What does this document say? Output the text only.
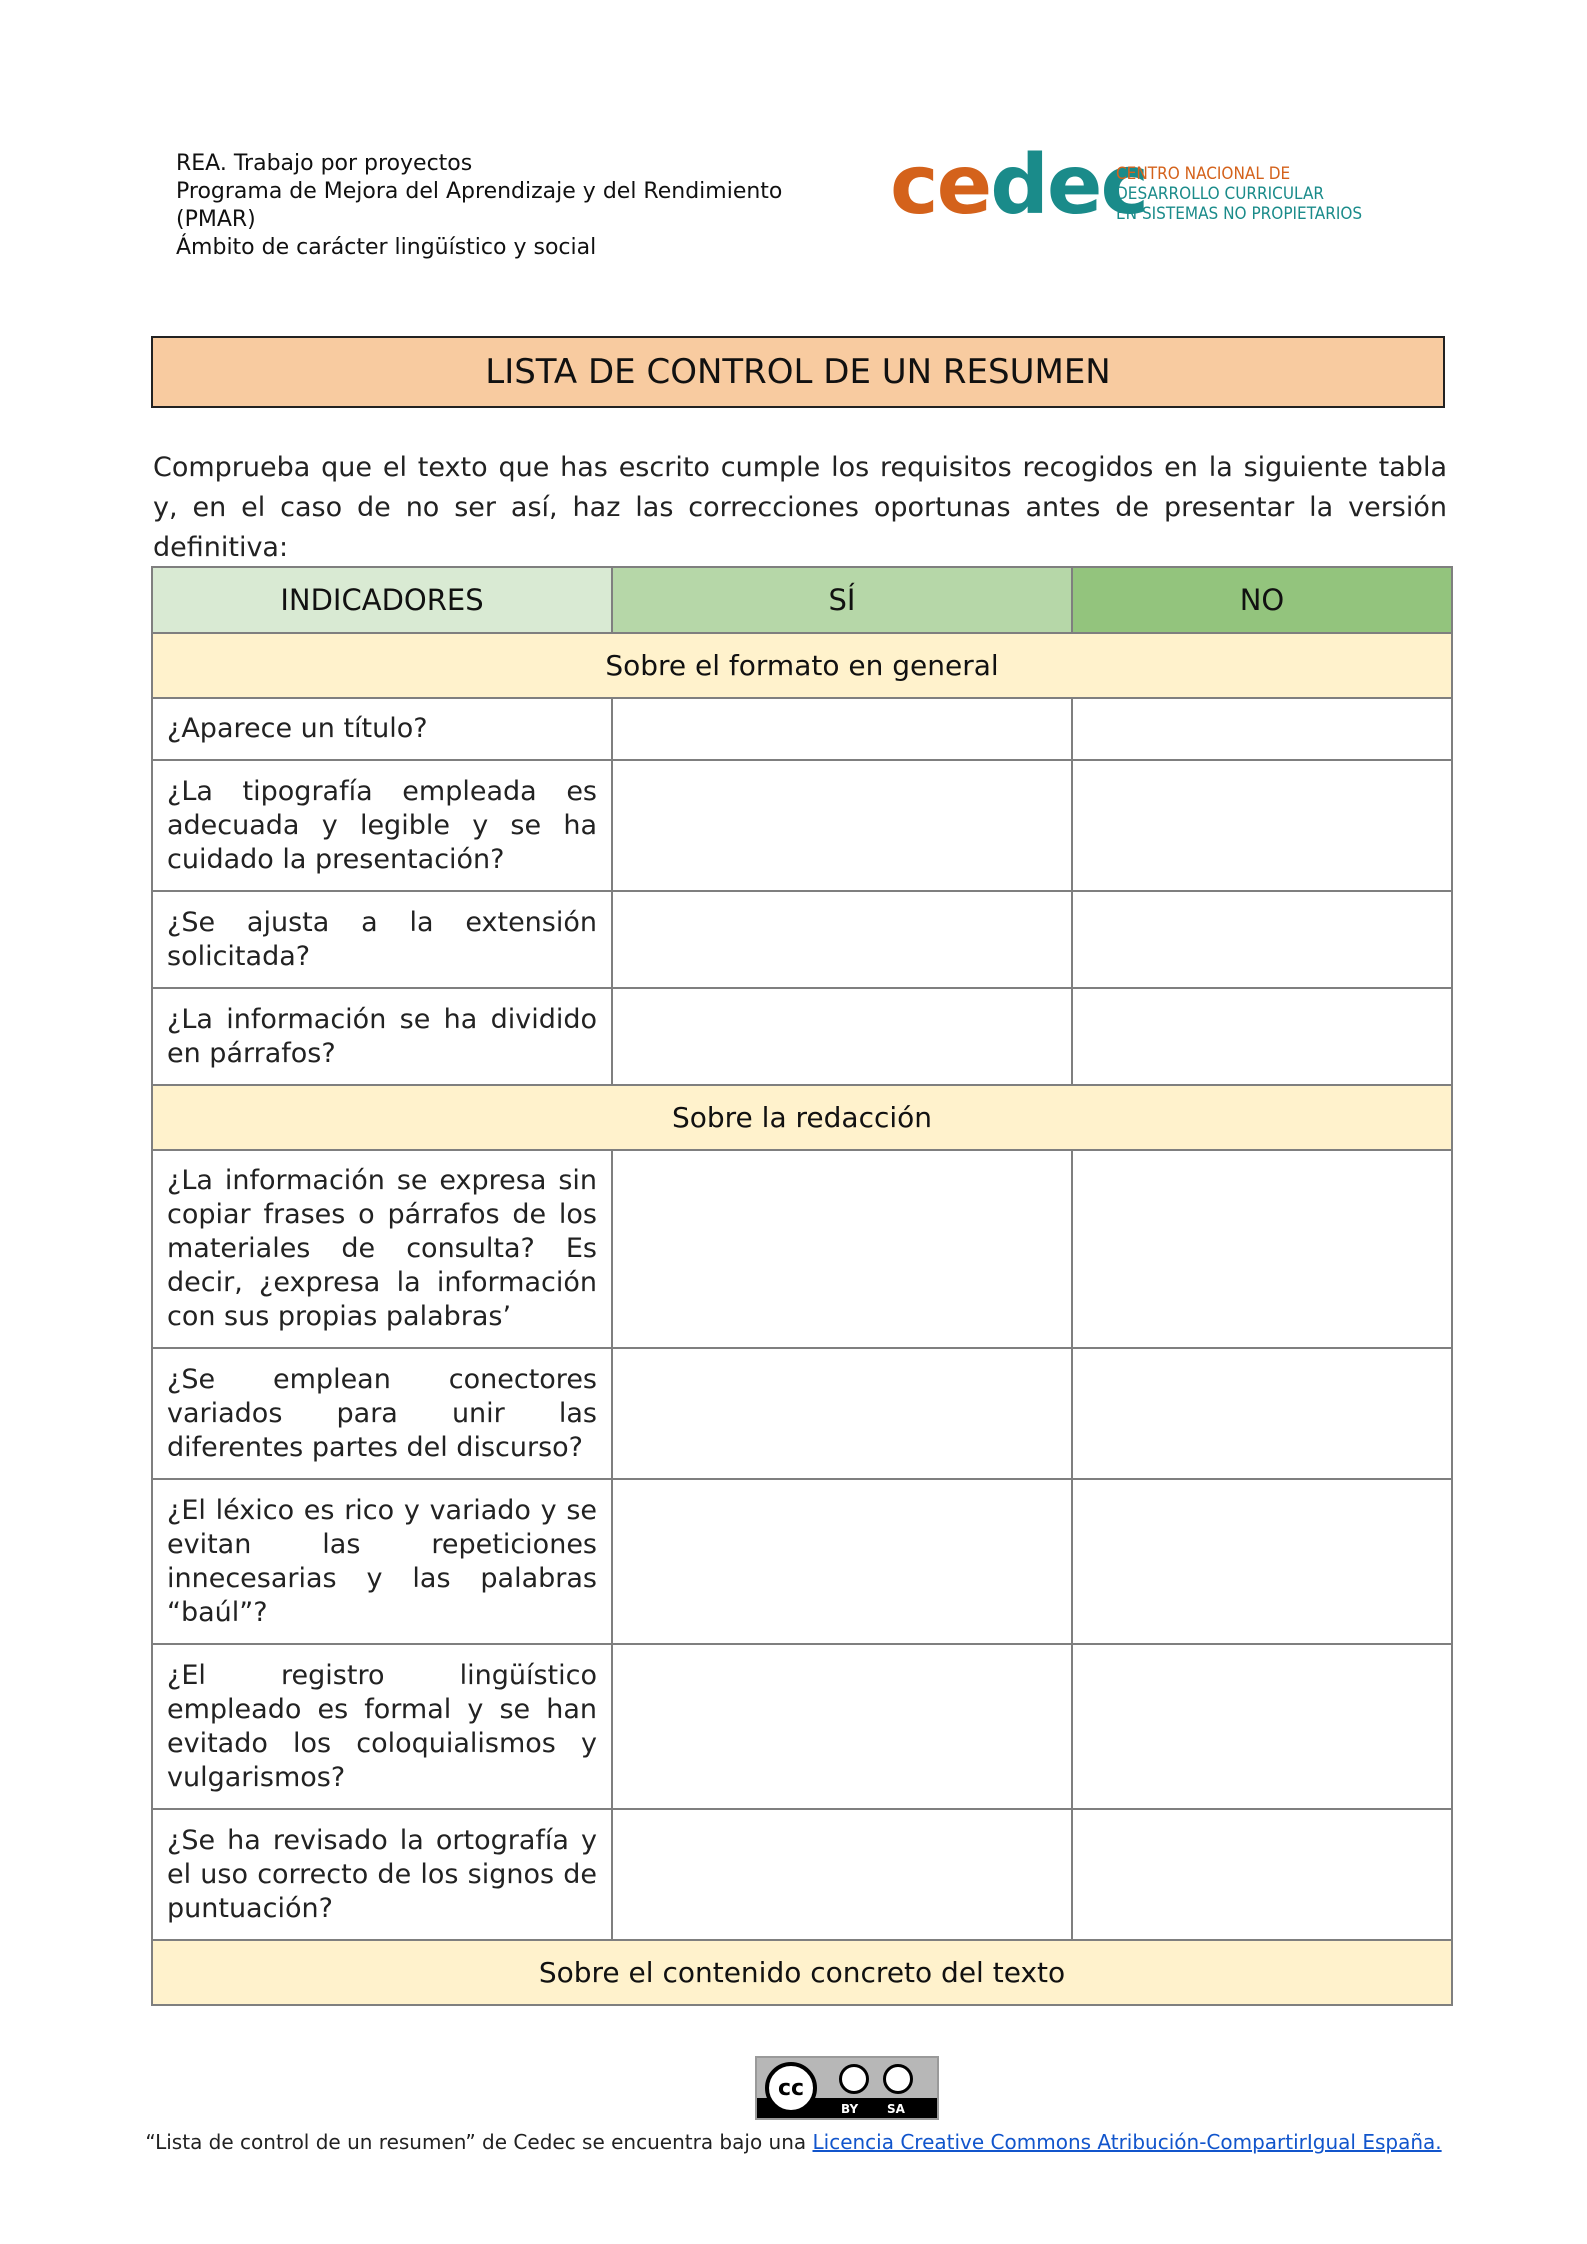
REA. Trabajo por proyectos
Programa de Mejora del Aprendizaje y del Rendimiento
(PMAR)
Ámbito de carácter lingüístico y social
cedec
CENTRO NACIONAL DE
DESARROLLO CURRICULAR
EN SISTEMAS NO PROPIETARIOS
LISTA DE CONTROL DE UN RESUMEN
Comprueba que el texto que has escrito cumple los requisitos recogidos en la siguiente tabla y, en el caso de no ser así, haz las correcciones oportunas antes de presentar la versión definitiva:
INDICADORES	SÍ	NO
Sobre el formato en general		
¿Aparece un título?		
¿La tipografía empleada es adecuada y legible y se ha cuidado la presentación?		
¿Se ajusta a la extensión solicitada?		
¿La información se ha dividido en párrafos?		
Sobre la redacción		
¿La información se expresa sin copiar frases o párrafos de los materiales de consulta? Es decir, ¿expresa la información con sus propias palabras’		
¿Se emplean conectores variados para unir las diferentes partes del discurso?		
¿El léxico es rico y variado y se evitan las repeticiones innecesarias y las palabras “baúl”?		
¿El registro lingüístico empleado es formal y se han evitado los coloquialismos y vulgarismos?		
¿Se ha revisado la ortografía y el uso correcto de los signos de puntuación?		
Sobre el contenido concreto del texto		
cc
BY SA
“Lista de control de un resumen” de Cedec se encuentra bajo una Licencia Creative Commons Atribución-CompartirIgual España.
